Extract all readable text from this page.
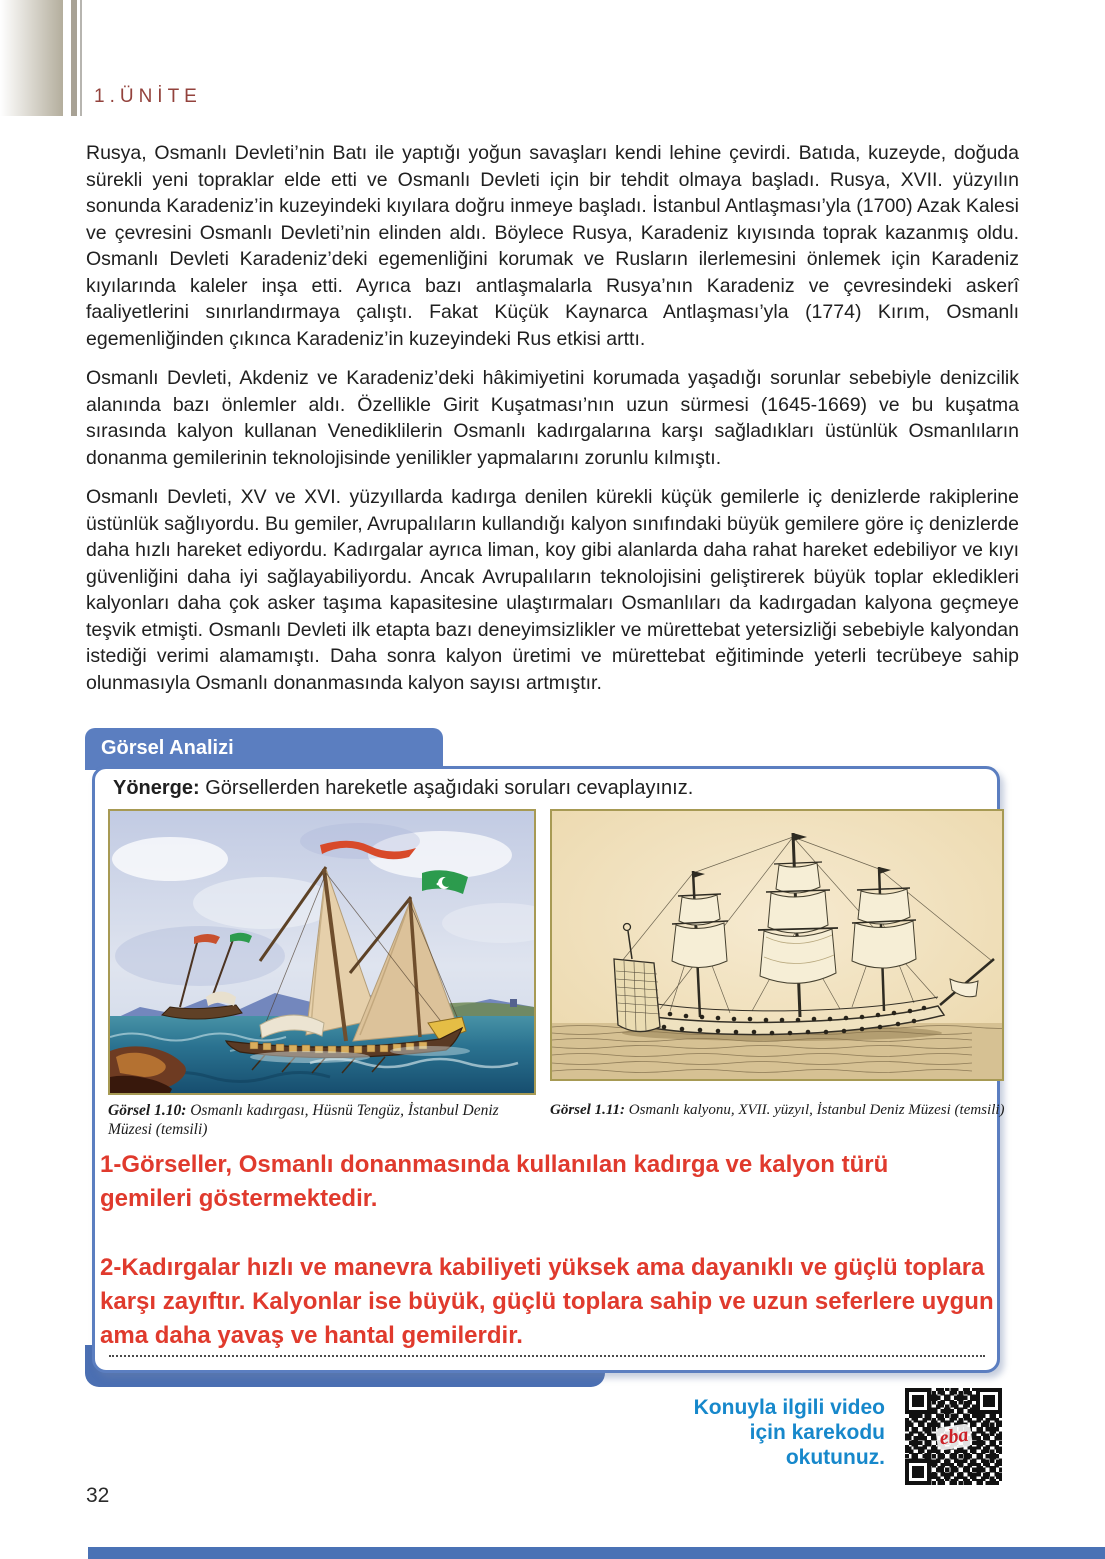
1.ÜNİTE

Rusya, Osmanlı Devleti’nin Batı ile yaptığı yoğun savaşları kendi lehine çevirdi. Batıda, kuzeyde, doğuda sürekli yeni topraklar elde etti ve Osmanlı Devleti için bir tehdit olmaya başladı. Rusya, XVII. yüzyılın sonunda Karadeniz’in kuzeyindeki kıyılara doğru inmeye başladı. İstanbul Antlaşması’yla (1700) Azak Kalesi ve çevresini Osmanlı Devleti’nin elinden aldı. Böylece Rusya, Karadeniz kıyısında toprak kazanmış oldu. Osmanlı Devleti Karadeniz’deki egemenliğini korumak ve Rusların ilerlemesini önlemek için Karadeniz kıyılarında kaleler inşa etti. Ayrıca bazı antlaşmalarla Rusya’nın Karadeniz ve çevresindeki askerî faaliyetlerini sınırlandırmaya çalıştı. Fakat Küçük Kaynarca Antlaşması’yla (1774) Kırım, Osmanlı egemenliğinden çıkınca Karadeniz’in kuzeyindeki Rus etkisi arttı.

Osmanlı Devleti, Akdeniz ve Karadeniz’deki hâkimiyetini korumada yaşadığı sorunlar sebebiyle denizcilik alanında bazı önlemler aldı. Özellikle Girit Kuşatması’nın uzun sürmesi (1645-1669) ve bu kuşatma sırasında kalyon kullanan Venediklilerin Osmanlı kadırgalarına karşı sağladıkları üstünlük Osmanlıların donanma gemilerinin teknolojisinde yenilikler yapmalarını zorunlu kılmıştı.

Osmanlı Devleti, XV ve XVI. yüzyıllarda kadırga denilen kürekli küçük gemilerle iç denizlerde rakiplerine üstünlük sağlıyordu. Bu gemiler, Avrupalıların kullandığı kalyon sınıfındaki büyük gemilere göre iç denizlerde daha hızlı hareket ediyordu. Kadırgalar ayrıca liman, koy gibi alanlarda daha rahat hareket edebiliyor ve kıyı güvenliğini daha iyi sağlayabiliyordu. Ancak Avrupalıların teknolojisini geliştirerek büyük toplar ekledikleri kalyonları daha çok asker taşıma kapasitesine ulaştırmaları Osmanlıları da kadırgadan kalyona geçmeye teşvik etmişti. Osmanlı Devleti ilk etapta bazı deneyimsizlikler ve mürettebat yetersizliği sebebiyle kalyondan istediği verimi alamamıştı. Daha sonra kalyon üretimi ve mürettebat eğitiminde yeterli tecrübeye sahip olunmasıyla Osmanlı donanmasında kalyon sayısı artmıştır.

Görsel Analizi

Yönerge: Görsellerden hareketle aşağıdaki soruları cevaplayınız.

Görsel 1.10: Osmanlı kadırgası, Hüsnü Tengüz, İstanbul Deniz Müzesi (temsili)
Görsel 1.11: Osmanlı kalyonu, XVII. yüzyıl, İstanbul Deniz Müzesi (temsili)

1-Görseller, Osmanlı donanmasında kullanılan kadırga ve kalyon türü gemileri göstermektedir.

2-Kadırgalar hızlı ve manevra kabiliyeti yüksek ama dayanıklı ve güçlü toplara karşı zayıftır. Kalyonlar ise büyük, güçlü toplara sahip ve uzun seferlere uygun ama daha yavaş ve hantal gemilerdir.

Konuyla ilgili video
için karekodu
okutunuz.
eba
32
